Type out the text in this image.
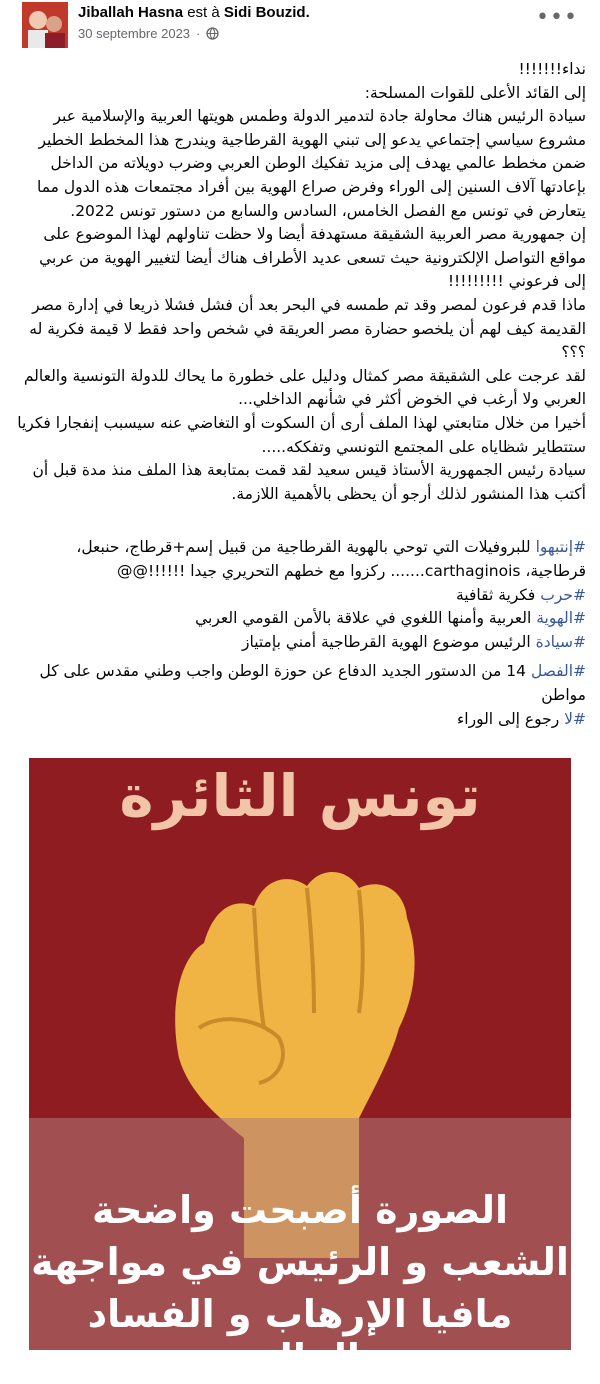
Jiballah Hasna est à Sidi Bouzid.
30 septembre 2023 ·
•••

نداء!!!!!!!

إلى القائد الأعلى للقوات المسلحة:

سيادة الرئيس هناك محاولة جادة لتدمير الدولة وطمس هويتها العربية والإسلامية عبر مشروع سياسي إجتماعي يدعو إلى تبني الهوية القرطاجية ويندرج هذا المخطط الخطير ضمن مخطط عالمي يهدف إلى مزيد تفكيك الوطن العربي وضرب دويلاته من الداخل بإعادتها آلاف السنين إلى الوراء وفرض صراع الهوية بين أفراد مجتمعات هذه الدول مما يتعارض في تونس مع الفصل الخامس، السادس والسابع من دستور تونس 2022.

إن جمهورية مصر العربية الشقيقة مستهدفة أيضا ولا حظت تناولهم لهذا الموضوع على مواقع التواصل الإلكترونية حيث تسعى عديد الأطراف هناك أيضا لتغيير الهوية من عربي إلى فرعوني !!!!!!!!!

ماذا قدم فرعون لمصر وقد تم طمسه في البحر بعد أن فشل فشلا ذريعا في إدارة مصر القديمة كيف لهم أن يلخصو حضارة مصر العريقة في شخص واحد فقط لا قيمة فكرية له ؟؟؟

لقد عرجت على الشقيقة مصر كمثال ودليل على خطورة ما يحاك للدولة التونسية والعالم العربي ولا أرغب في الخوض أكثر في شأنهم الداخلي...

أخيرا من خلال متابعتي لهذا الملف أرى أن السكوت أو التغاضي عنه سيسبب إنفجارا فكريا ستتطاير شظاياه على المجتمع التونسي وتفككه.....

سيادة رئيس الجمهورية الأستاذ قيس سعيد لقد قمت بمتابعة هذا الملف منذ مدة قبل أن أكتب هذا المنشور لذلك أرجو أن يحظى بالأهمية اللازمة.

#إنتبهوا للبروفيلات التي توحي بالهوية القرطاجية من قبيل إسم+قرطاج، حنبعل، قرطاجية، carthaginois....... ركزوا مع خطهم التحريري جيدا !!!!!!@@
#حرب فكرية ثقافية
#الهوية العربية وأمنها اللغوي في علاقة بالأمن القومي العربي
#سيادة الرئيس موضوع الهوية القرطاجية أمني بإمتياز
#الفصل 14 من الدستور الجديد الدفاع عن حوزة الوطن واجب وطني مقدس على كل مواطن
#لا رجوع إلى الوراء
تونس الثائرة
الصورة أصبحت واضحة
الشعب و الرئيس في مواجهة
مافيا الإرهاب و الفساد المالي
